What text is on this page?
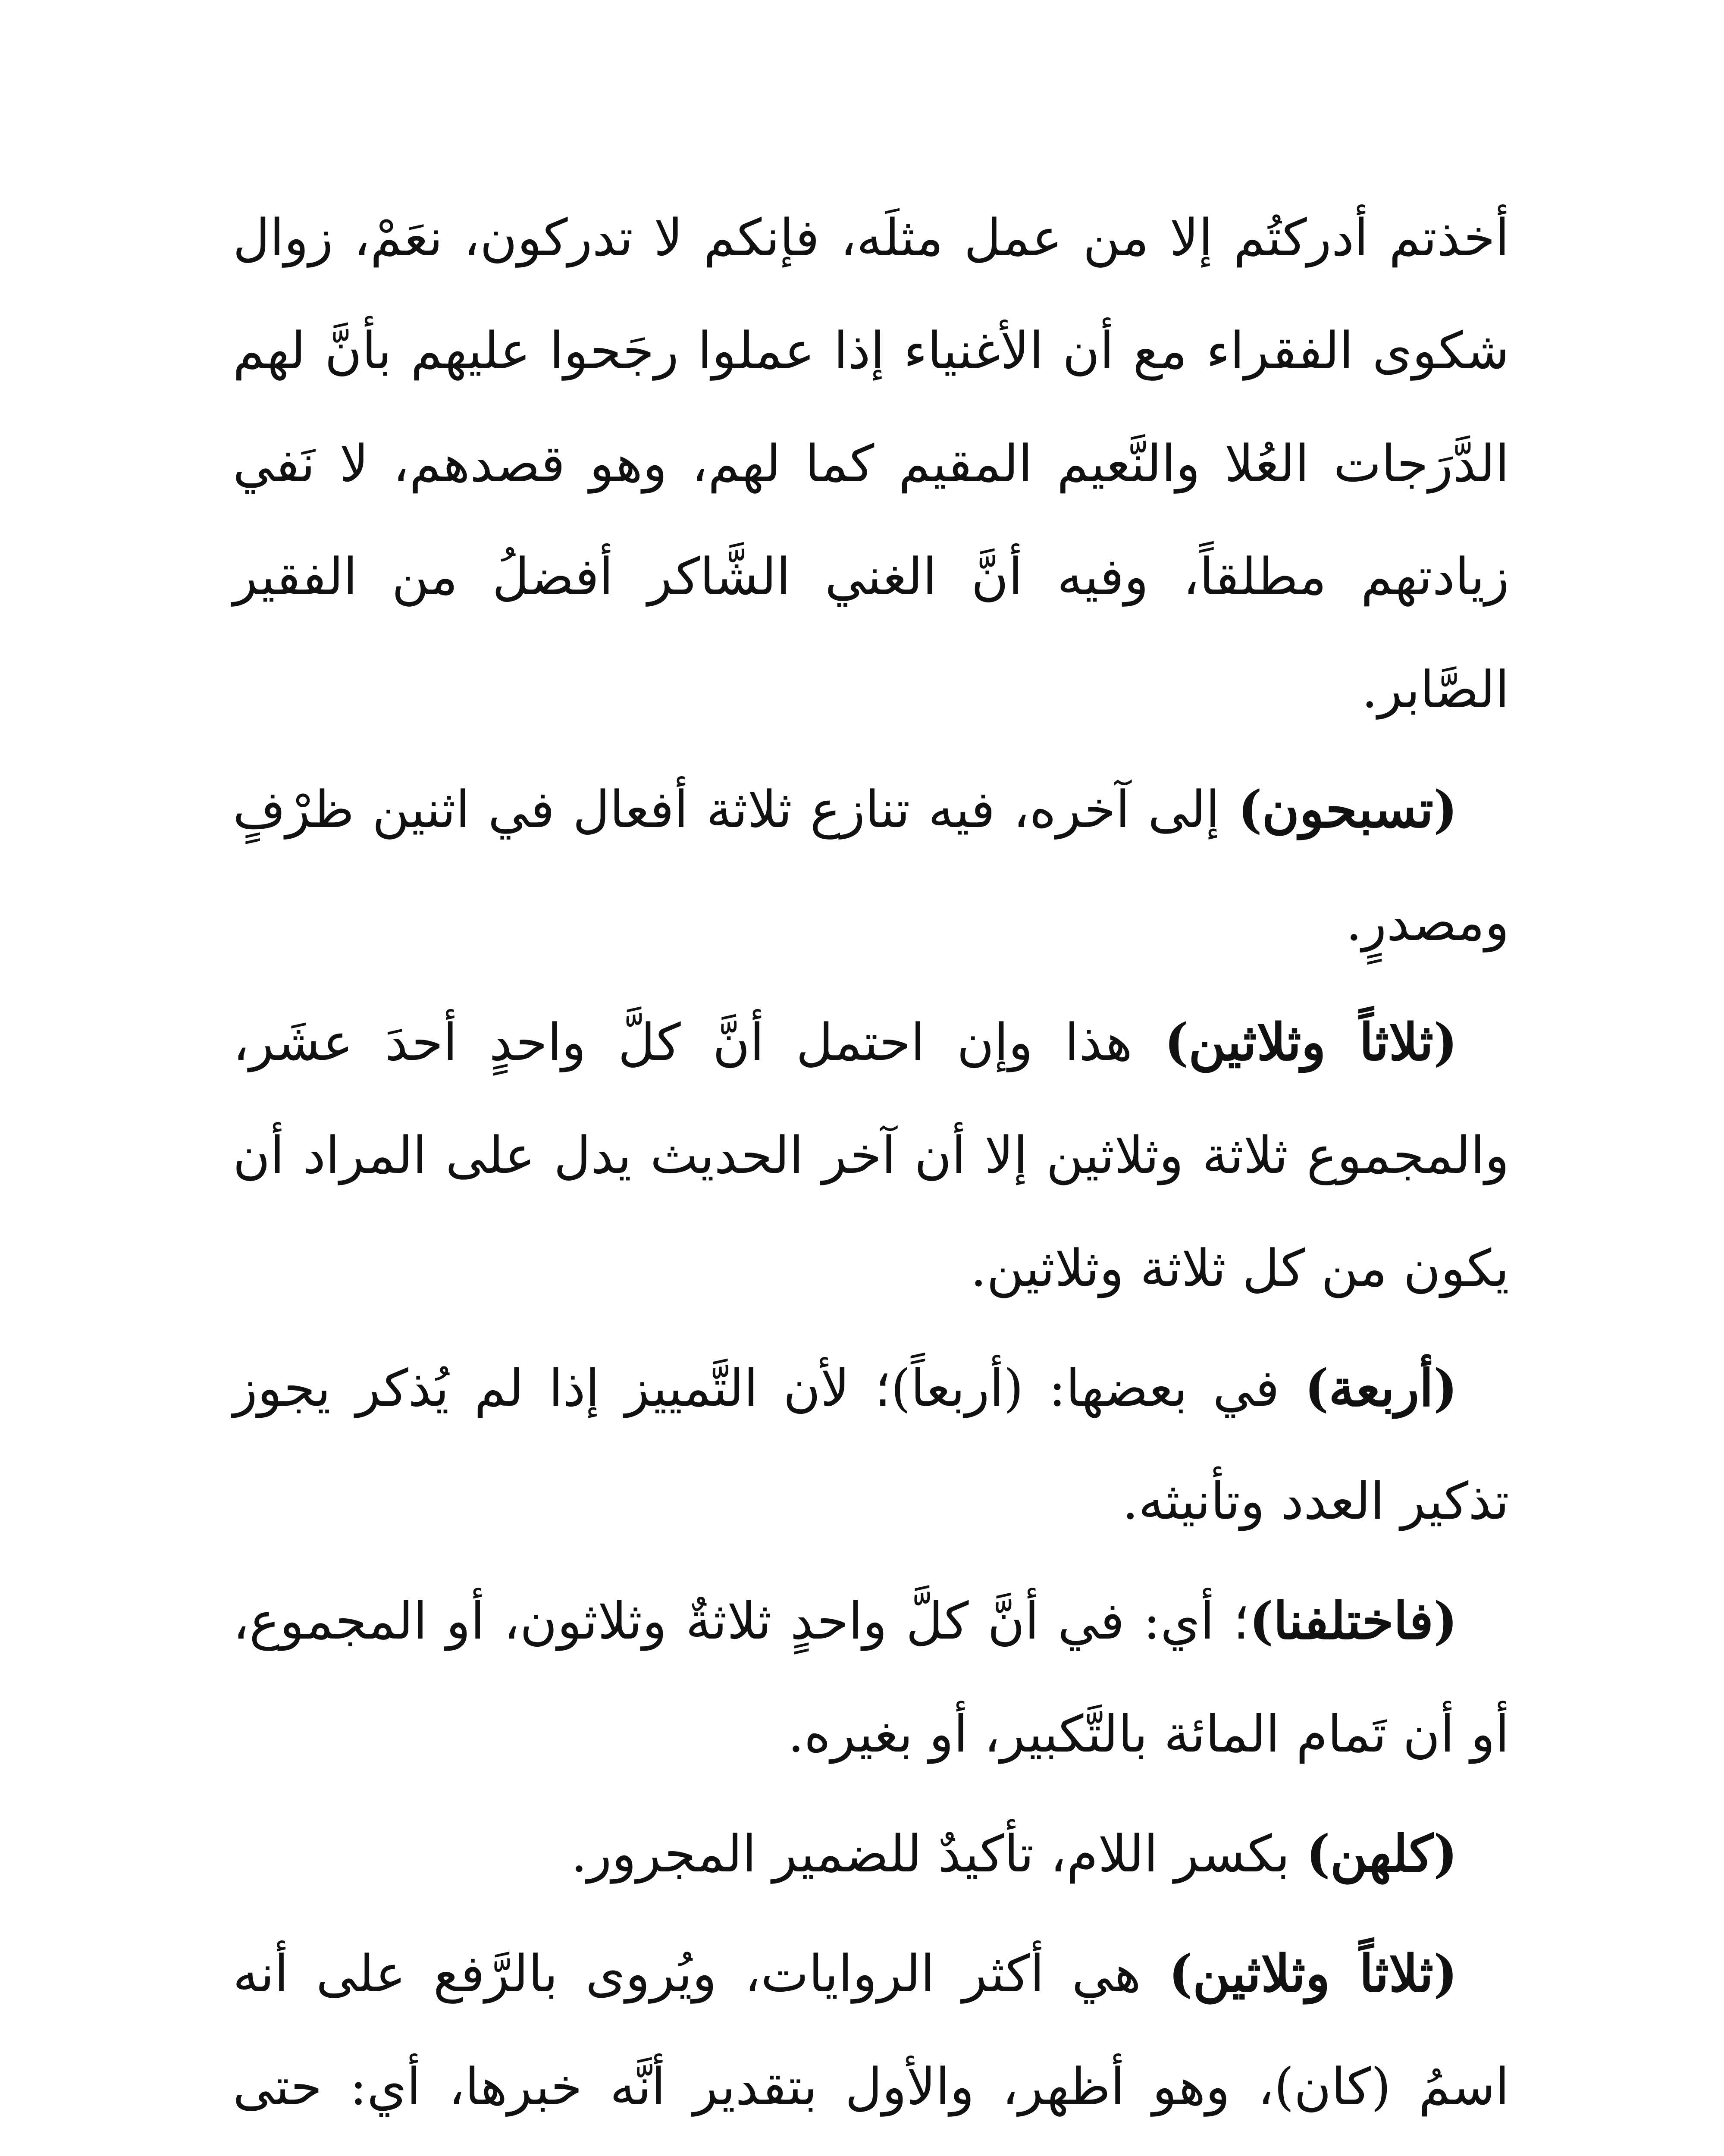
أخذتم أدركتُم إلا من عمل مثلَه، فإنكم لا تدركون، نعَمْ، زوال شكوى الفقراء مع أن الأغنياء إذا عملوا رجَحوا عليهم بأنَّ لهم الدَّرَجات العُلا والنَّعيم المقيم كما لهم، وهو قصدهم، لا نَفي زيادتهم مطلقاً، وفيه أنَّ الغني الشَّاكر أفضلُ من الفقير الصَّابر.

(تسبحون) إلى آخره، فيه تنازع ثلاثة أفعال في اثنين ظرْفٍ ومصدرٍ.

(ثلاثاً وثلاثين) هذا وإن احتمل أنَّ كلَّ واحدٍ أحدَ عشَر، والمجموع ثلاثة وثلاثين إلا أن آخر الحديث يدل على المراد أن يكون من كل ثلاثة وثلاثين.

(أربعة) في بعضها: (أربعاً)؛ لأن التَّمييز إذا لم يُذكر يجوز تذكير العدد وتأنيثه.

(فاختلفنا)؛ أي: في أنَّ كلَّ واحدٍ ثلاثةٌ وثلاثون، أو المجموع، أو أن تَمام المائة بالتَّكبير، أو بغيره.

(كلهن) بكسر اللام، تأكيدٌ للضمير المجرور.

(ثلاثاً وثلاثين) هي أكثر الروايات، ويُروى بالرَّفع على أنه اسمُ (كان)، وهو أظهر، والأول بتقدير أنَّه خبرها، أي: حتى
